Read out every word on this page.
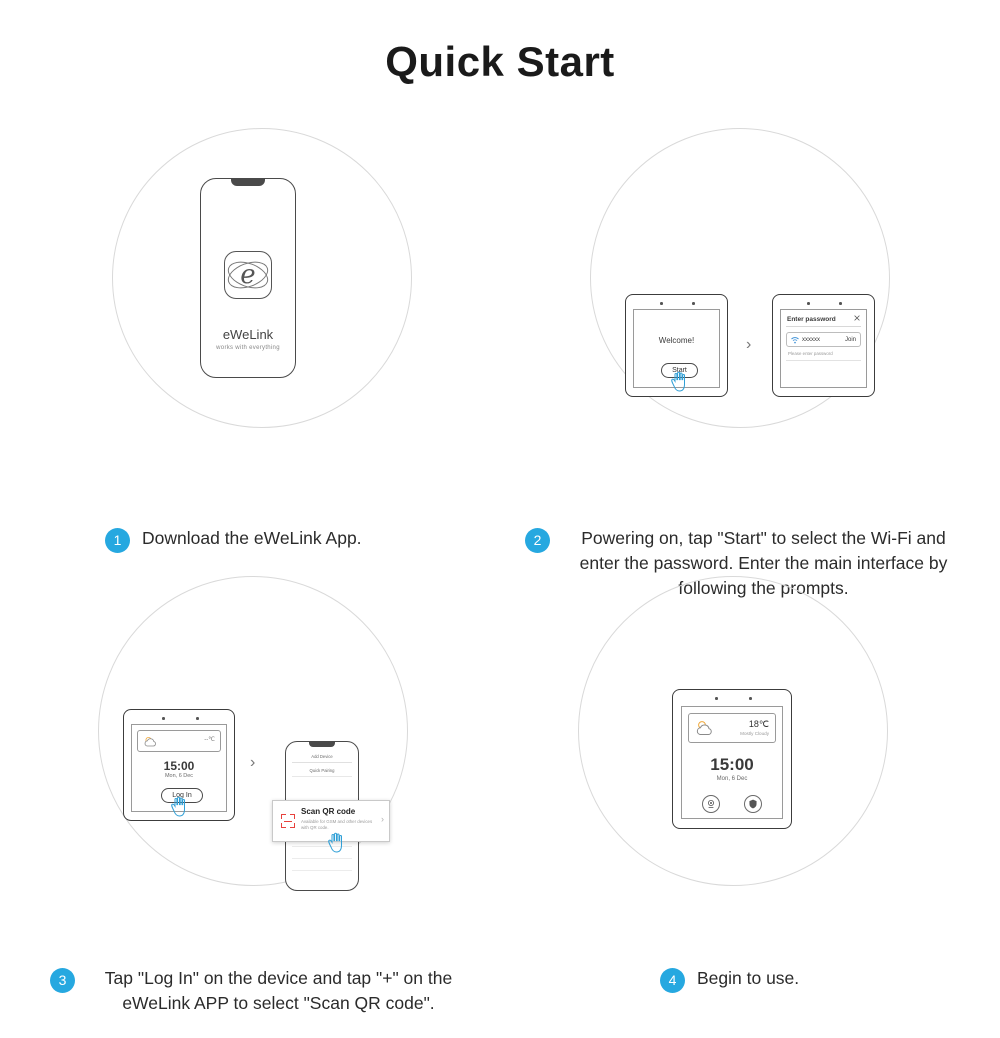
Quick Start
e
eWeLink
works with everything
1	Download the eWeLink App.
Welcome!
Start
›
Enter password
xxxxxx	Join
Please enter password
2	Powering on, tap "Start" to select the Wi-Fi and enter the password. Enter the main interface by following the prompts.
--℃
15:00
Mon, 6 Dec
Log In
›	Add Device
Quick Pairing
Scan QR code
Available for GSM and other devices with QR code.
›
3	Tap "Log In" on the device and tap "+" on the eWeLink APP to select "Scan QR code".
18℃
Mostly Cloudy
15:00
Mon, 6 Dec
4	Begin to use.
